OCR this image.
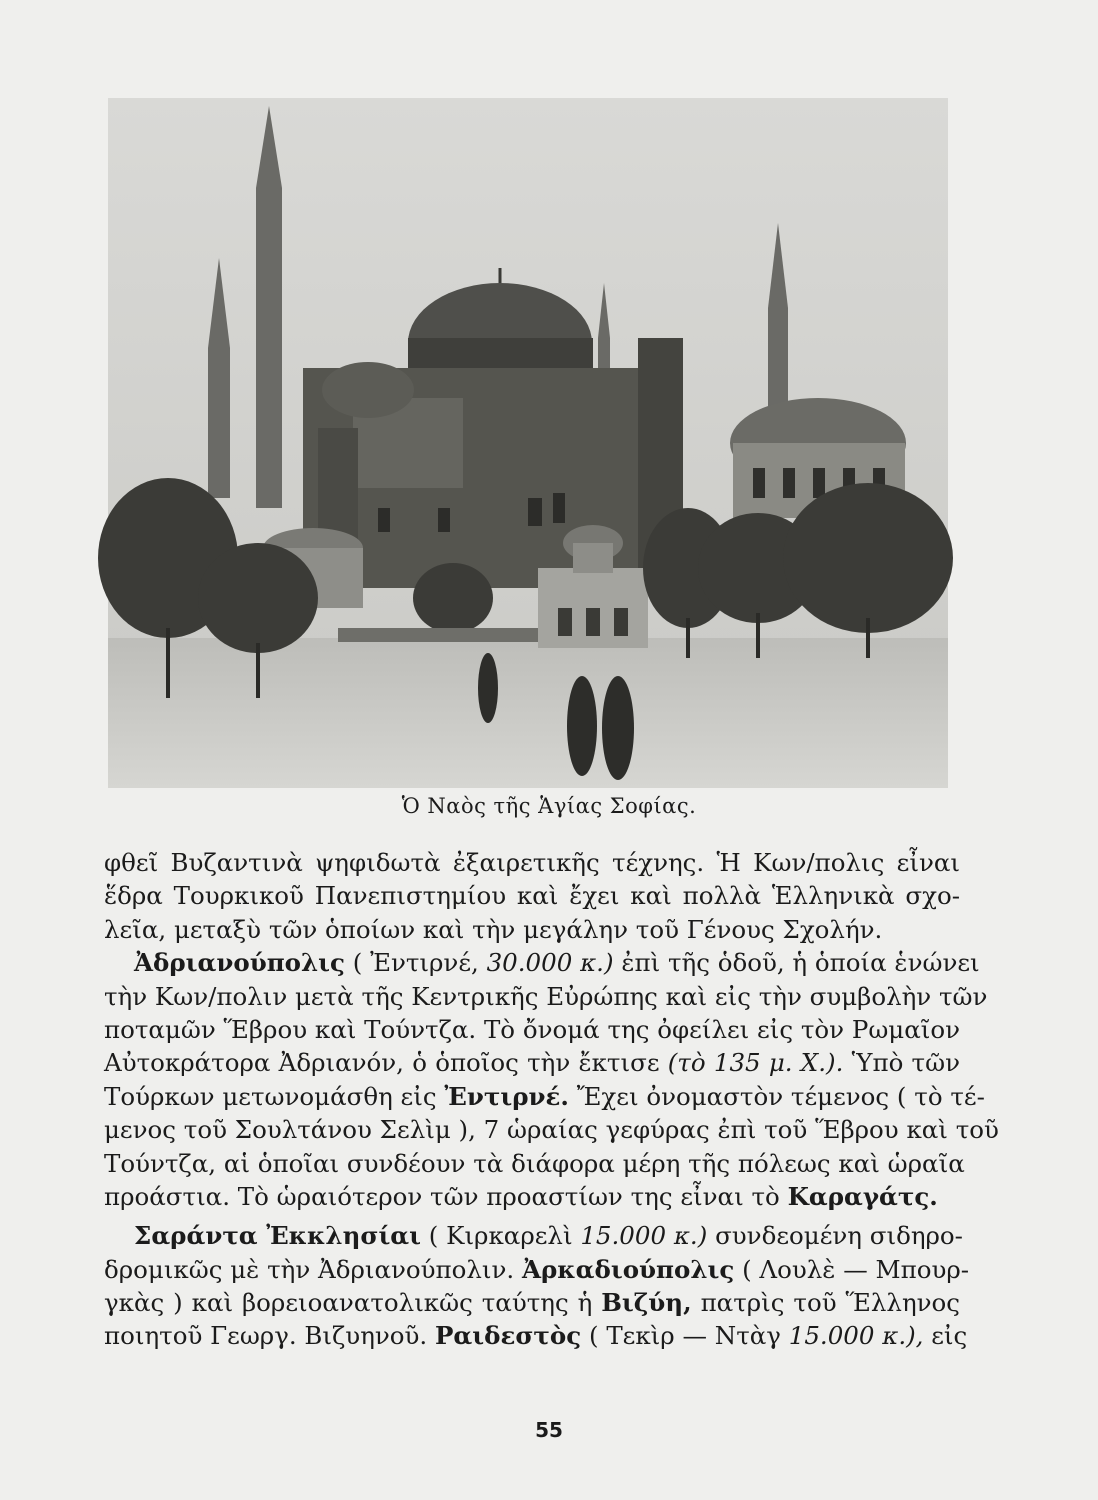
Ὁ Ναὸς τῆς Ἁγίας Σοφίας.
φθεῖ Βυζαντινὰ ψηφιδωτὰ ἐξαιρετικῆς τέχνης. Ἡ Κων/πολις εἶναι
ἕδρα Τουρκικοῦ Πανεπιστημίου καὶ ἔχει καὶ πολλὰ Ἑλληνικὰ σχο-
λεῖα, μεταξὺ τῶν ὁποίων καὶ τὴν μεγάλην τοῦ Γένους Σχολήν.
Ἀδριανούπολις ( Ἐντιρνέ, 30.000 κ.) ἐπὶ τῆς ὁδοῦ, ἡ ὁποία ἑνώνει
τὴν Κων/πολιν μετὰ τῆς Κεντρικῆς Εὐρώπης καὶ εἰς τὴν συμβολὴν τῶν
ποταμῶν Ἕβρου καὶ Τούντζα. Τὸ ὄνομά της ὀφείλει εἰς τὸν Ρωμαῖον
Αὐτοκράτορα Ἀδριανόν, ὁ ὁποῖος τὴν ἔκτισε (τὸ 135 μ. Χ.). Ὑπὸ τῶν
Τούρκων μετωνομάσθη εἰς Ἐντιρνέ. Ἔχει ὀνομαστὸν τέμενος ( τὸ τέ-
μενος τοῦ Σουλτάνου Σελὶμ ), 7 ὡραίας γεφύρας ἐπὶ τοῦ Ἕβρου καὶ τοῦ
Τούντζα, αἱ ὁποῖαι συνδέουν τὰ διάφορα μέρη τῆς πόλεως καὶ ὡραῖα
προάστια. Τὸ ὡραιότερον τῶν προαστίων της εἶναι τὸ Καραγάτς.
Σαράντα Ἐκκλησίαι ( Κιρκαρελὶ 15.000 κ.) συνδεομένη σιδηρο-
δρομικῶς μὲ τὴν Ἀδριανούπολιν. Ἀρκαδιούπολις ( Λουλὲ — Μπουρ-
γκὰς ) καὶ βορειοανατολικῶς ταύτης ἡ Βιζύη, πατρὶς τοῦ Ἕλληνος
ποιητοῦ Γεωργ. Βιζυηνοῦ. Ραιδεστὸς ( Τεκὶρ — Ντὰγ 15.000 κ.), εἰς
55
